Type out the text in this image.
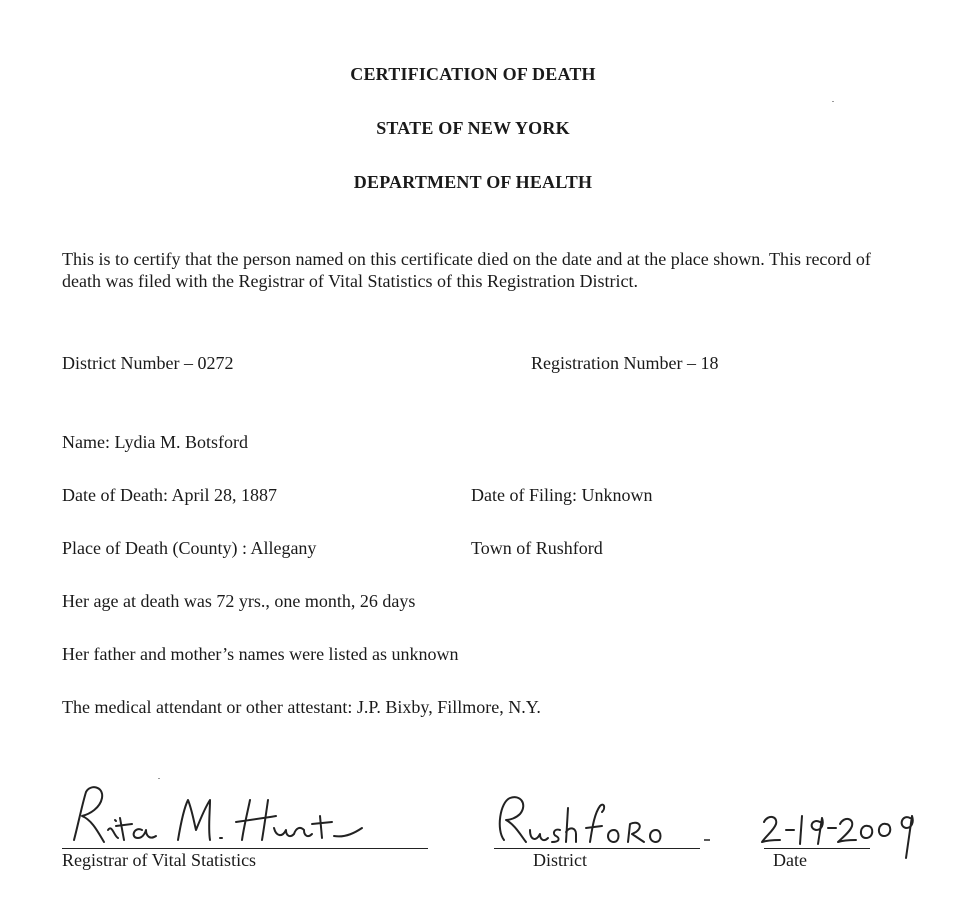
CERTIFICATION OF DEATH
STATE OF NEW YORK
DEPARTMENT OF HEALTH
This is to certify that the person named on this certificate died on the date and at the place shown. This record of death was filed with the Registrar of Vital Statistics of this Registration District.
District Number – 0272	Registration Number – 18
Name: Lydia M. Botsford
Date of Death: April 28, 1887	Date of Filing: Unknown
Place of Death (County) : Allegany	Town of Rushford
Her age at death was 72 yrs., one month, 26 days
Her father and mother’s names were listed as unknown
The medical attendant or other attestant: J.P. Bixby, Fillmore, N.Y.
Registrar of Vital Statistics	District	Date
